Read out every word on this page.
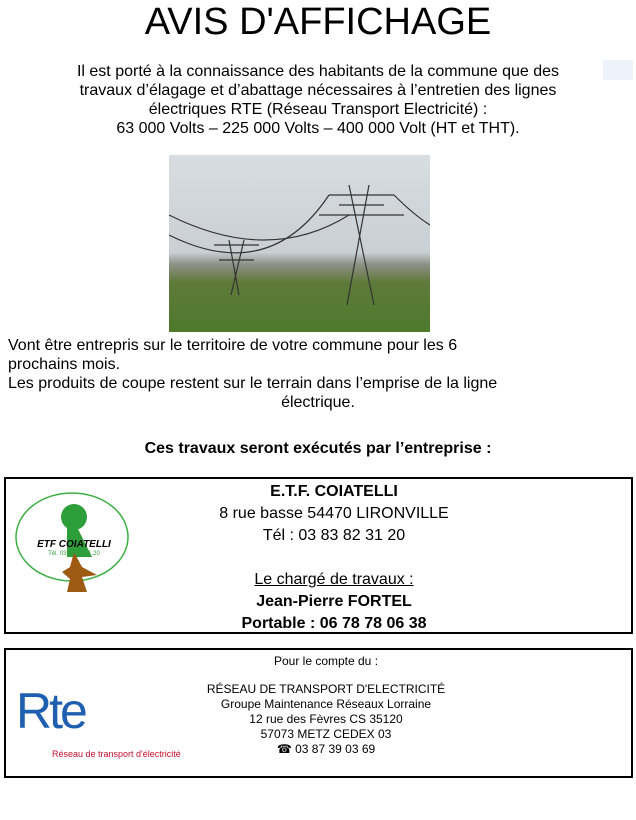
AVIS D'AFFICHAGE
Il est porté à la connaissance des habitants de la commune que des
travaux d’élagage et d’abattage nécessaires à l’entretien des lignes
électriques RTE (Réseau Transport Electricité) :
63 000 Volts – 225 000 Volts – 400 000 Volt (HT et THT).
Vont être entrepris sur le territoire de votre commune pour les 6
prochains mois.
Les produits de coupe restent sur le terrain dans l’emprise de la ligne
électrique.
Ces travaux seront exécutés par l’entreprise :
ETF COIATELLI
Tél. 03.83.82.31.20
E.T.F. COIATELLI
8 rue basse 54470 LIRONVILLE
Tél : 03 83 82 31 20
Le chargé de travaux :
Jean-Pierre FORTEL
Portable : 06 78 78 06 38
Pour le compte du :
RÉSEAU DE TRANSPORT D'ELECTRICITÉ
Groupe Maintenance Réseaux Lorraine
12 rue des Fèvres CS 35120
57073 METZ CEDEX 03
☎ 03 87 39 03 69
Rte
Réseau de transport d'électricité
